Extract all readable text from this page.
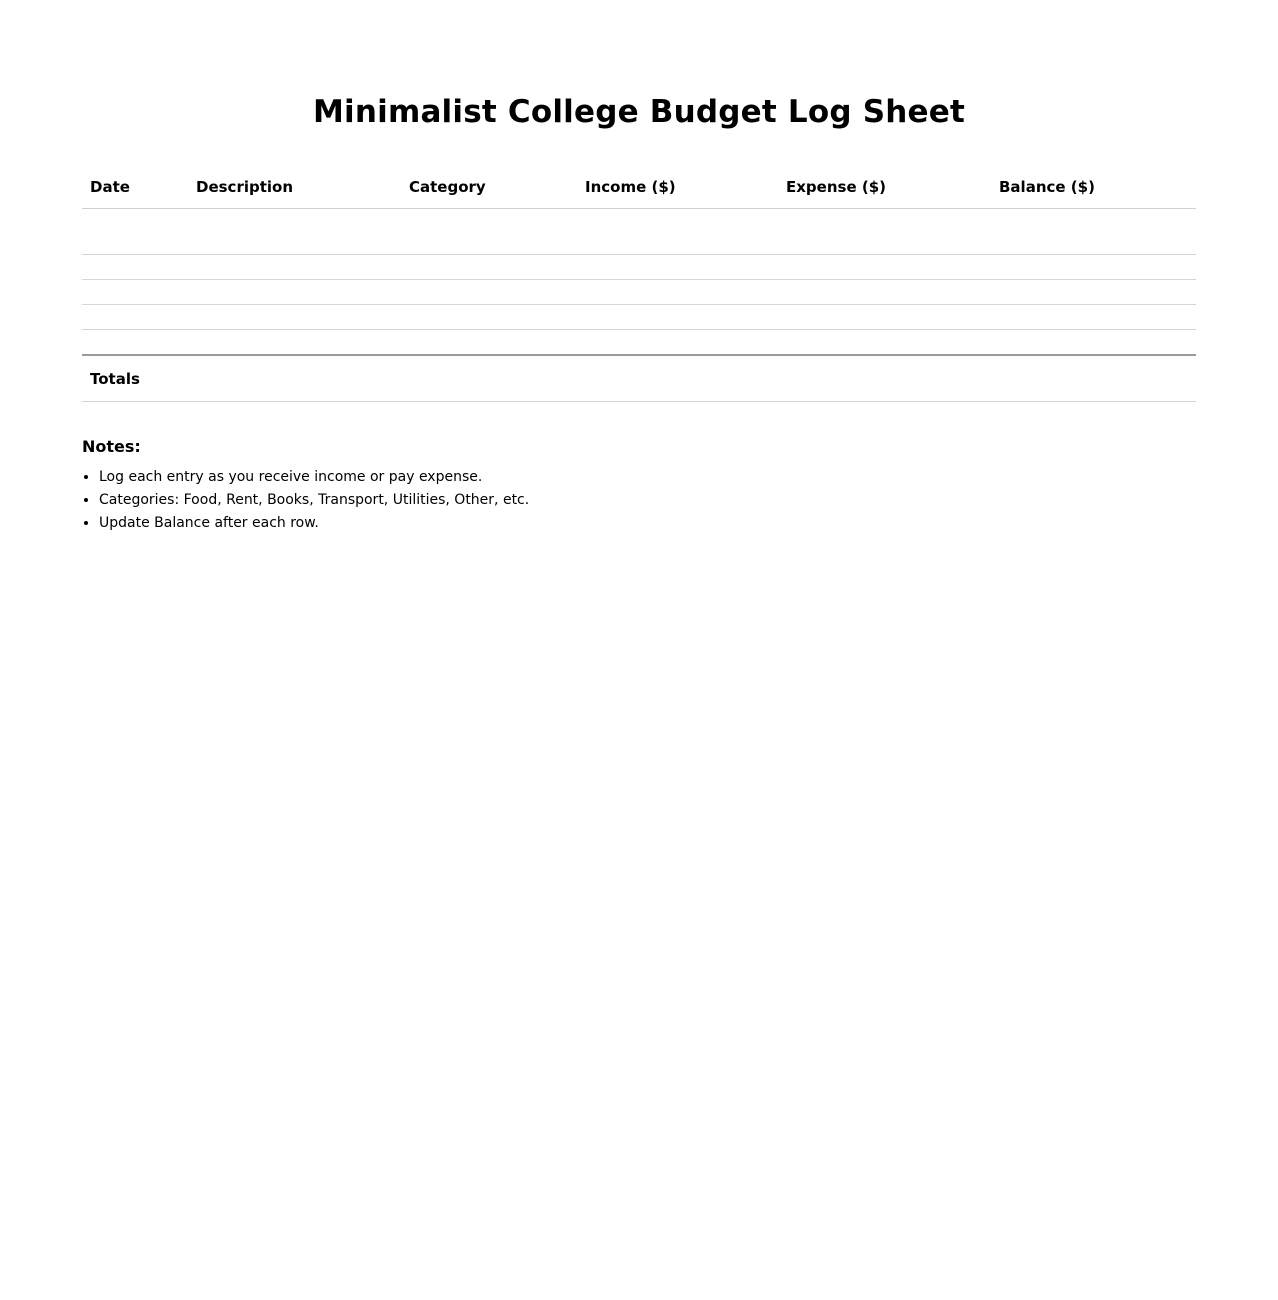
Minimalist College Budget Log Sheet
Date	Description	Category	Income ($)	Expense ($)	Balance ($)

Totals					
Notes:
• Log each entry as you receive income or pay expense.
• Categories: Food, Rent, Books, Transport, Utilities, Other, etc.
• Update Balance after each row.
